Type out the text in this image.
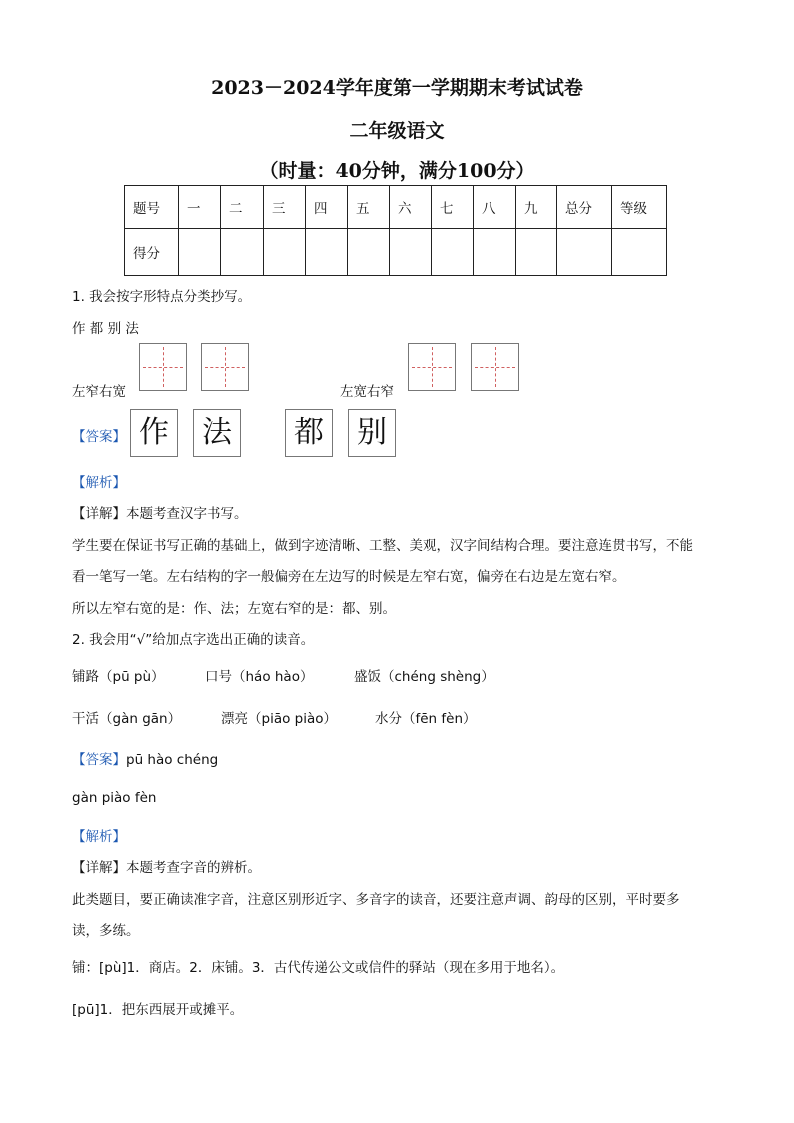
2023－2024学年度第一学期期末考试试卷
二年级语文
（时量：40分钟，满分100分）
题号	一	二	三	四	五	六	七	八	九	总分	等级
得分											
1. 我会按字形特点分类抄写。
作 都 别 法
左窄右宽	左宽右窄
【答案】 作	法	都	别
【解析】
【详解】本题考查汉字书写。
学生要在保证书写正确的基础上，做到字迹清晰、工整、美观，汉字间结构合理。要注意连贯书写，不能
看一笔写一笔。左右结构的字一般偏旁在左边写的时候是左窄右宽，偏旁在右边是左宽右窄。
所以左窄右宽的是：作、法；左宽右窄的是：都、别。
2. 我会用“√”给加点字选出正确的读音。
铺路（pū pù）	口号（háo hào）	盛饭（chéng shèng）
干活（gàn gān）	漂亮（piāo piào）	水分（fēn fèn）
【答案】pū hào chéng
gàn piào fèn
【解析】
【详解】本题考查字音的辨析。
此类题目，要正确读准字音，注意区别形近字、多音字的读音，还要注意声调、韵母的区别，平时要多
读，多练。
铺：[pù]1．商店。2．床铺。3．古代传递公文或信件的驿站（现在多用于地名）。
[pū]1．把东西展开或摊平。
